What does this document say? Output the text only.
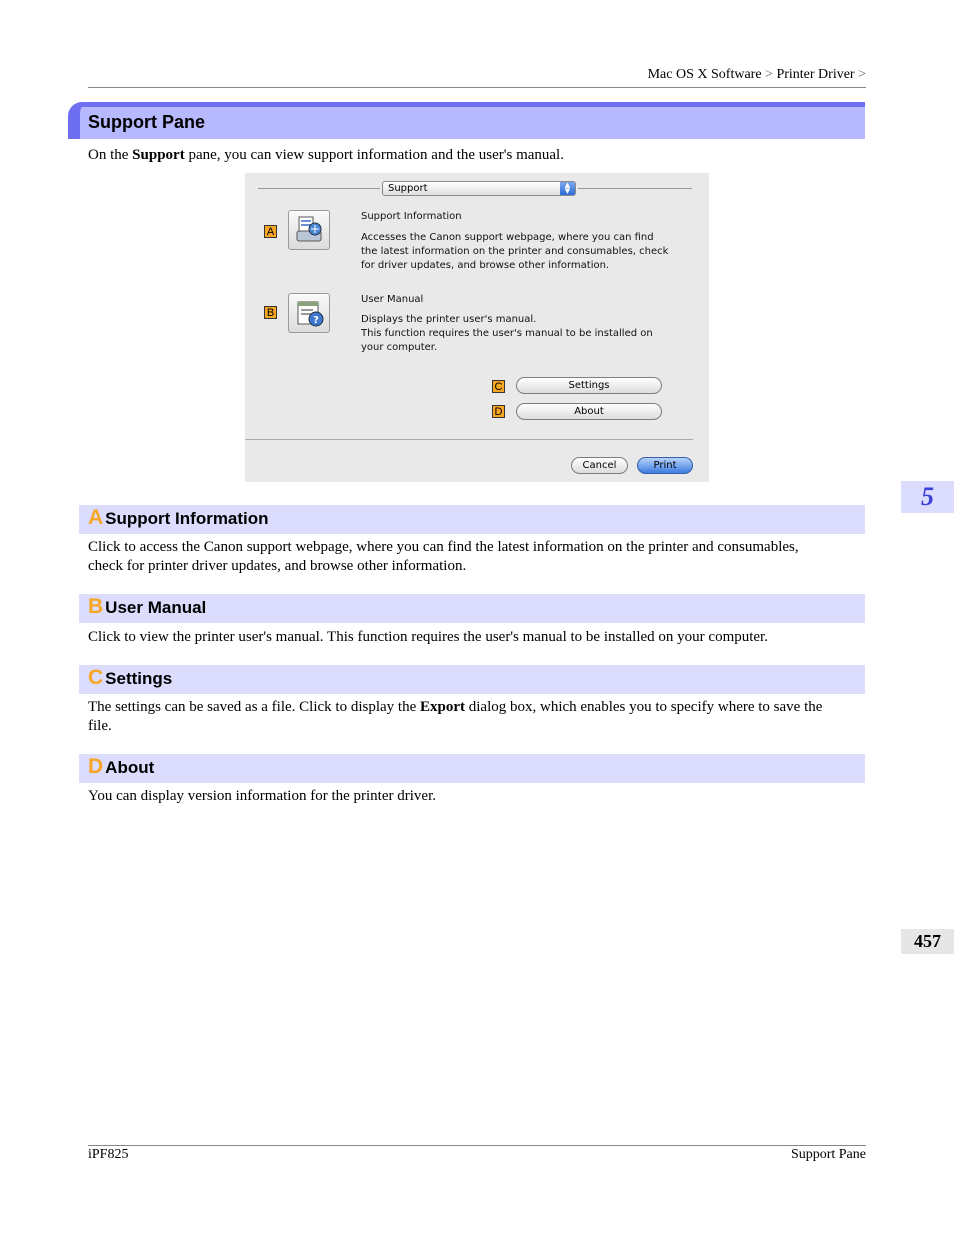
Mac OS X Software > Printer Driver >
Support Pane
On the Support pane, you can view support information and the user's manual.
Support	▲
▼
A
Support Information
Accesses the Canon support webpage, where you can find
the latest information on the printer and consumables, check
for driver updates, and browse other information.
B
?
User Manual
Displays the printer user's manual.
This function requires the user's manual to be installed on
your computer.
C	Settings
D	About
Cancel	Print
A Support Information
Click to access the Canon support webpage, where you can find the latest information on the printer and consumables,
check for printer driver updates, and browse other information.
B User Manual
Click to view the printer user's manual. This function requires the user's manual to be installed on your computer.
C Settings
The settings can be saved as a file. Click to display the Export dialog box, which enables you to specify where to save the
file.
D About
You can display version information for the printer driver.
5
457
iPF825	Support Pane
